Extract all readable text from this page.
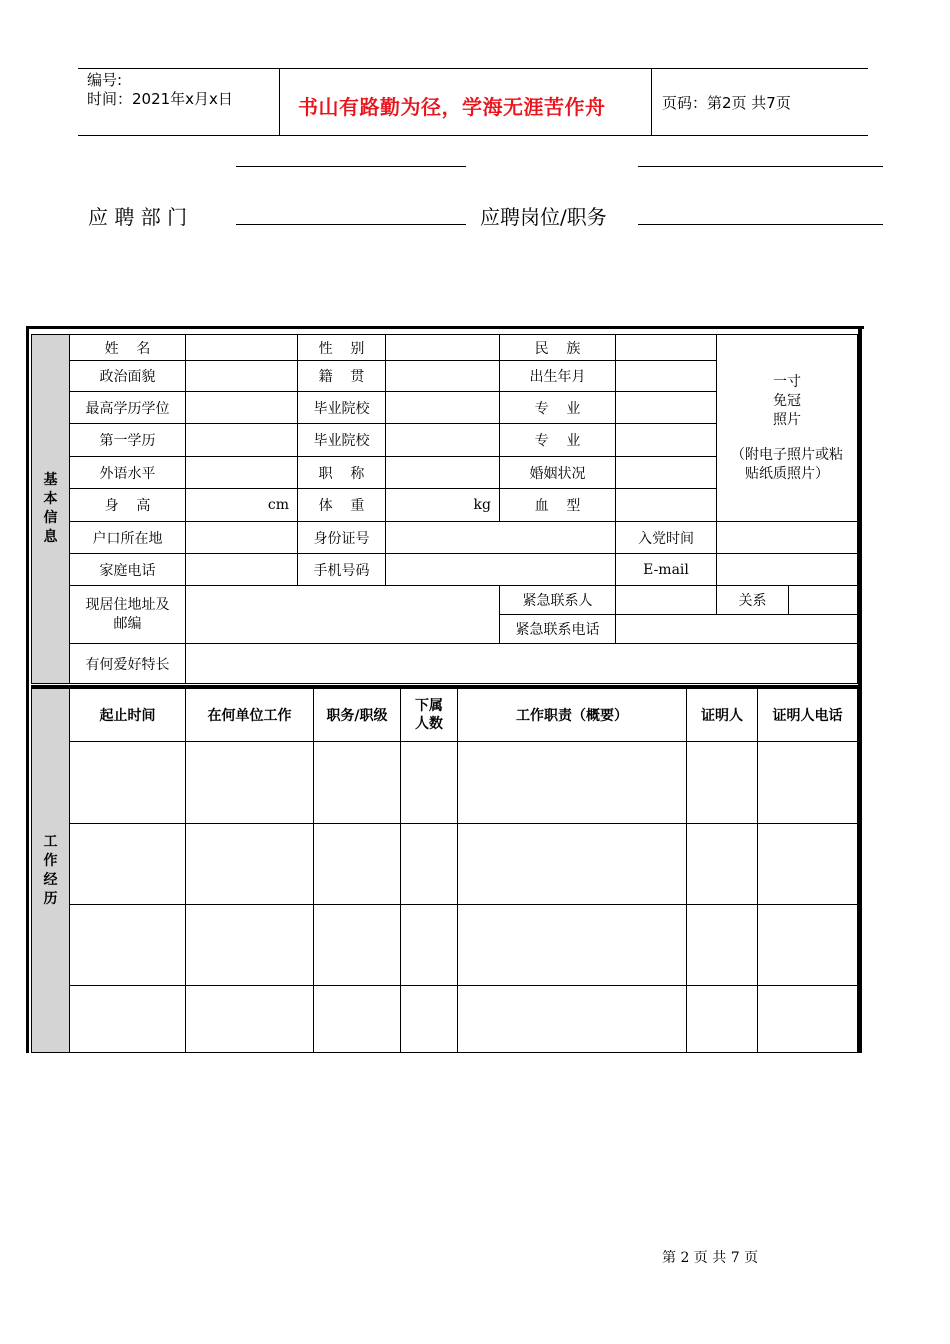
编号:
时间：2021年x月x日	书山有路勤为径，学海无涯苦作舟	页码：第2页 共7页
应 聘 部 门	应聘岗位/职务
基本信息	姓    名		性    别		民    族		一寸
免冠
照片
（附电子照片或粘贴纸质照片）	

	政治面貌		籍    贯		出生年月			
	最高学历学位		毕业院校		专    业			
	第一学历		毕业院校		专    业			
	外语水平		职    称		婚姻状况			
	身    高	cm	体    重	kg	血    型			
	户口所在地		身份证号			入党时间		
	家庭电话		手机号码			E-mail		
	现居住地址及邮编				紧急联系人		关系	
					紧急联系电话			
	有何爱好特长							
工作经历	起止时间	在何单位工作	职务/职级	下属人数	工作职责（概要）	证明人	证明人电话

第 2 页 共 7 页
